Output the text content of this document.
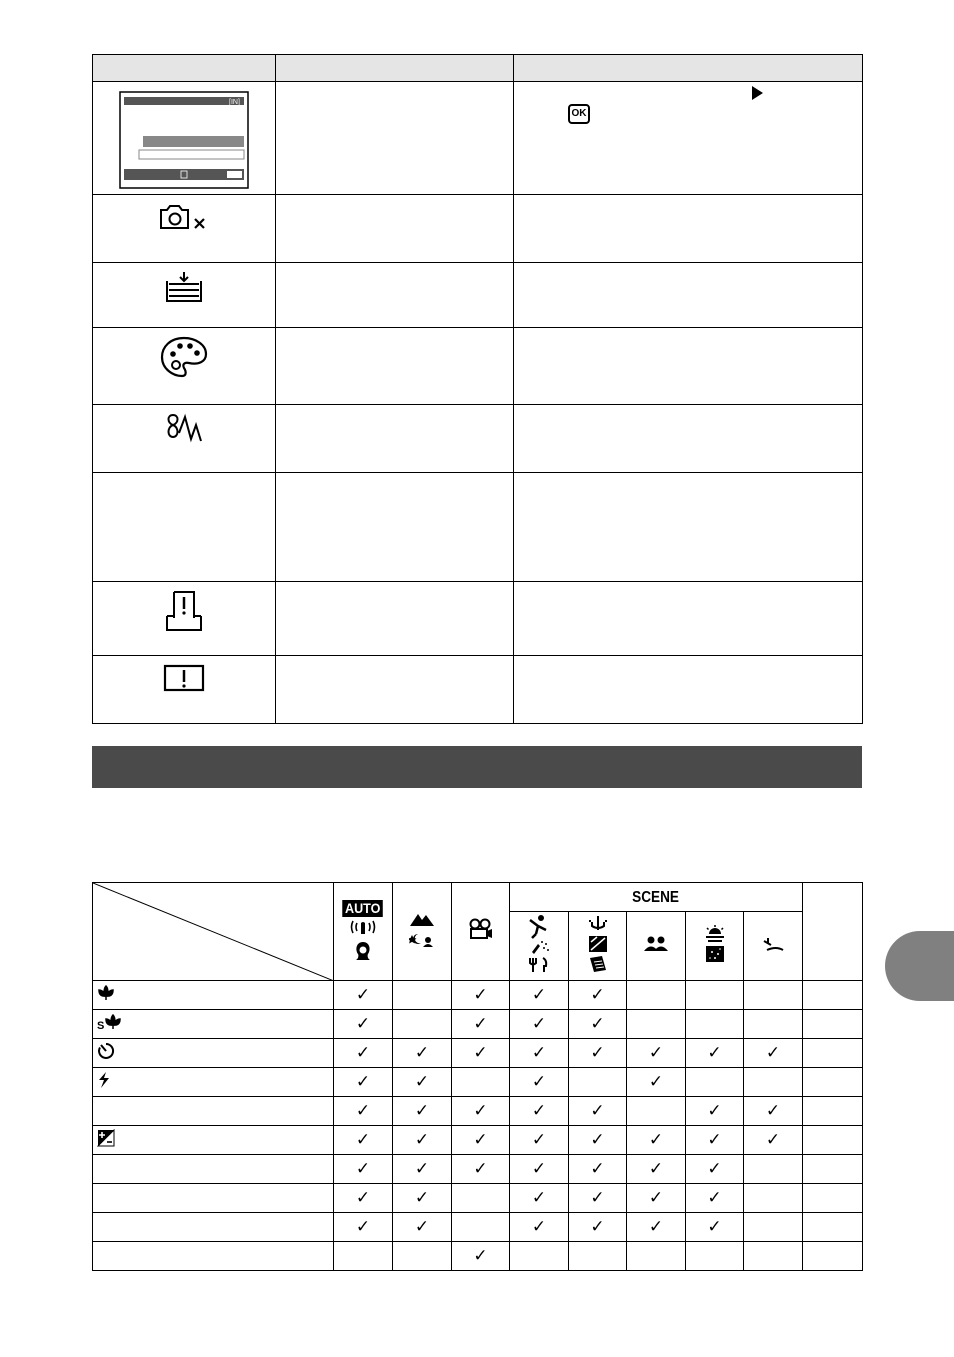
[IN]		

OK
	AUTO			SCENE					

	✓		✓	✓	✓				

S	✓		✓	✓	✓				
	✓	✓	✓	✓	✓	✓	✓	✓	
	✓	✓		✓		✓			
	✓	✓	✓	✓	✓		✓	✓	
	✓	✓	✓	✓	✓	✓	✓	✓	
	✓	✓	✓	✓	✓	✓	✓		
	✓	✓		✓	✓	✓	✓		
	✓	✓		✓	✓	✓	✓		
			✓						
